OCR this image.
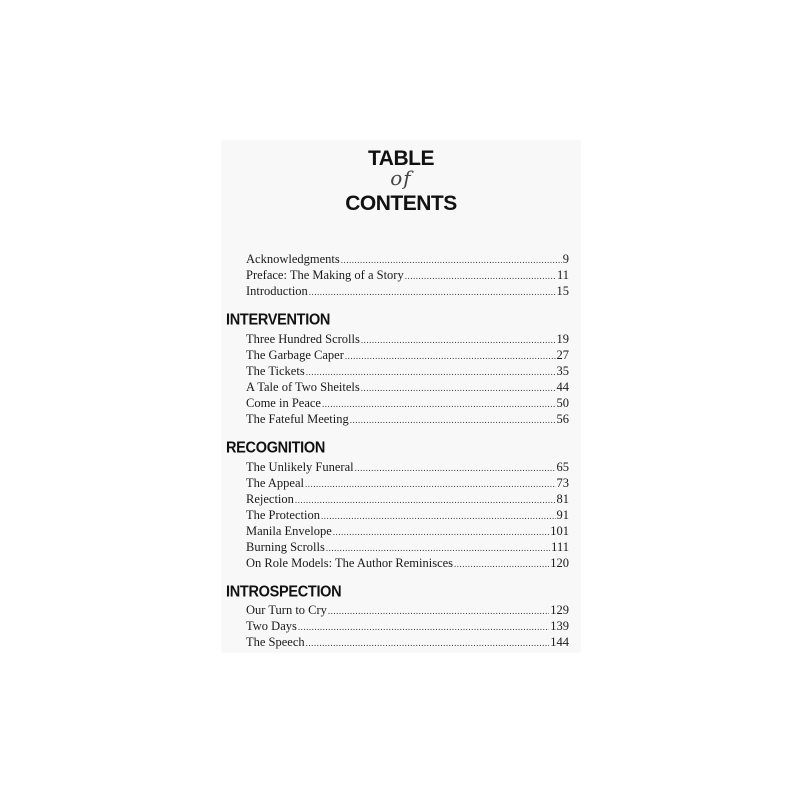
TABLE
of
CONTENTS
Acknowledgments .....	9
Preface: The Making of a Story .....	11
Introduction .....	15
INTERVENTION
Three Hundred Scrolls .....	19
The Garbage Caper .....	27
The Tickets .....	35
A Tale of Two Sheitels .....	44
Come in Peace .....	50
The Fateful Meeting .....	56
RECOGNITION
The Unlikely Funeral .....	65
The Appeal .....	73
Rejection .....	81
The Protection .....	91
Manila Envelope .....	101
Burning Scrolls .....	111
On Role Models: The Author Reminisces .....	120
INTROSPECTION
Our Turn to Cry .....	129
Two Days .....	139
The Speech .....	144
